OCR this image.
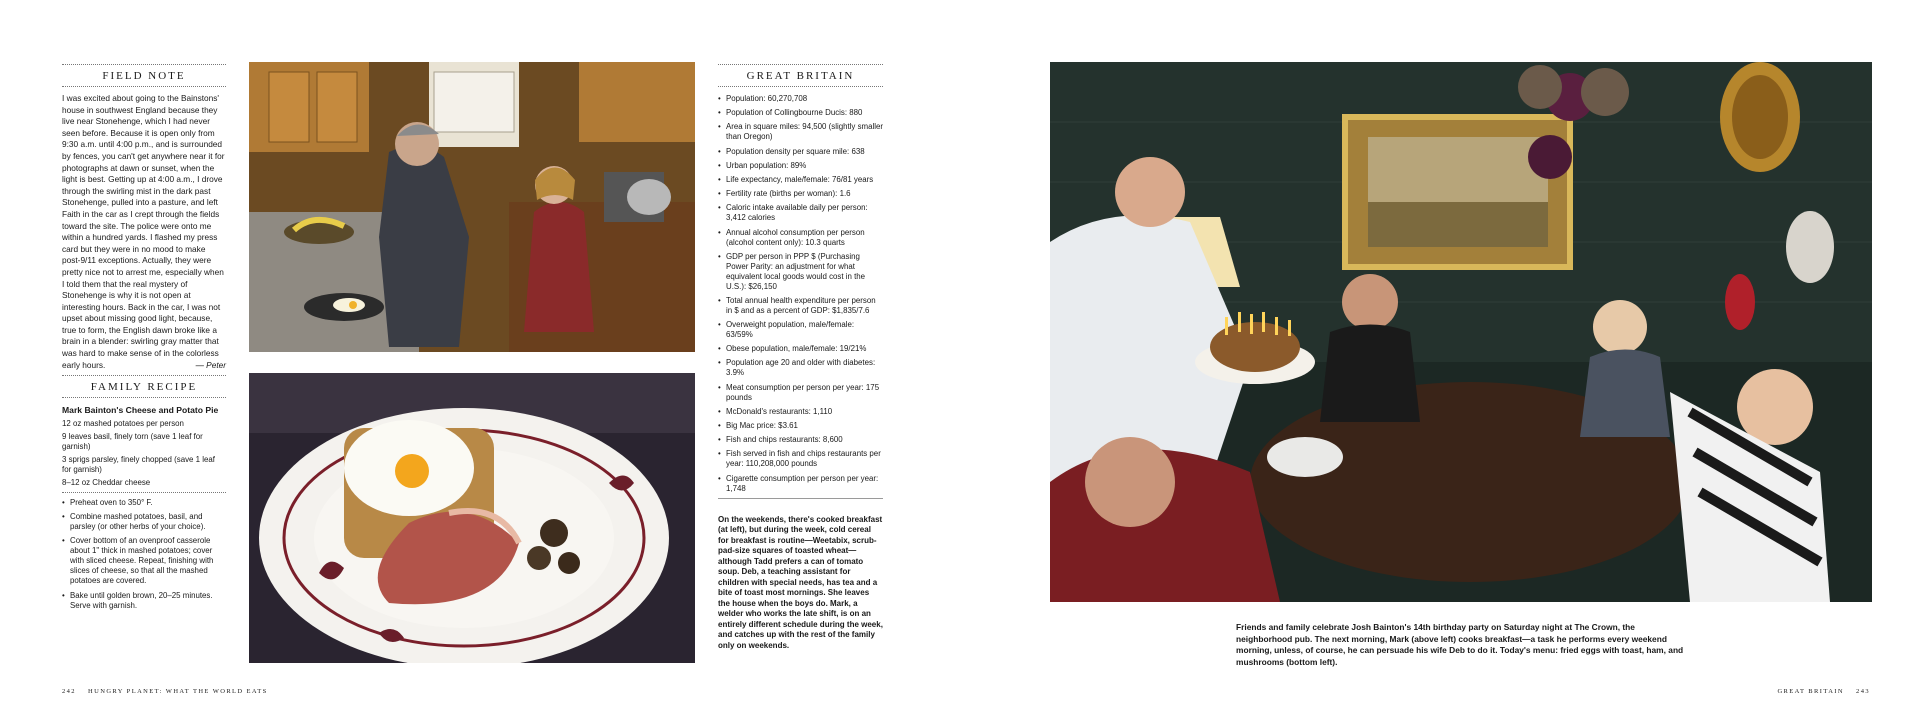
FIELD NOTE
I was excited about going to the Bainstons' house in southwest England because they live near Stonehenge, which I had never seen before. Because it is open only from 9:30 a.m. until 4:00 p.m., and is surrounded by fences, you can't get anywhere near it for photographs at dawn or sunset, when the light is best. Getting up at 4:00 a.m., I drove through the swirling mist in the dark past Stonehenge, pulled into a pasture, and left Faith in the car as I crept through the fields toward the site. The police were onto me within a hundred yards. I flashed my press card but they were in no mood to make post-9/11 exceptions. Actually, they were pretty nice not to arrest me, especially when I told them that the real mystery of Stonehenge is why it is not open at interesting hours. Back in the car, I was not upset about missing good light, because, true to form, the English dawn broke like a brain in a blender: swirling gray matter that was hard to make sense of in the colorless early hours.	— Peter
FAMILY RECIPE
Mark Bainton's Cheese and Potato Pie
12 oz mashed potatoes per person
9 leaves basil, finely torn (save 1 leaf for garnish)
3 sprigs parsley, finely chopped (save 1 leaf for garnish)
8–12 oz Cheddar cheese
• Preheat oven to 350° F.
• Combine mashed potatoes, basil, and parsley (or other herbs of your choice).
• Cover bottom of an ovenproof casserole about 1" thick in mashed potatoes; cover with sliced cheese. Repeat, finishing with slices of cheese, so that all the mashed potatoes are covered.
• Bake until golden brown, 20–25 minutes. Serve with garnish.
GREAT BRITAIN
• Population: 60,270,708
• Population of Collingbourne Ducis: 880
• Area in square miles: 94,500 (slightly smaller than Oregon)
• Population density per square mile: 638
• Urban population: 89%
• Life expectancy, male/female: 76/81 years
• Fertility rate (births per woman): 1.6
• Caloric intake available daily per person: 3,412 calories
• Annual alcohol consumption per person (alcohol content only): 10.3 quarts
• GDP per person in PPP $ (Purchasing Power Parity: an adjustment for what equivalent local goods would cost in the U.S.): $26,150
• Total annual health expenditure per person in $ and as a percent of GDP: $1,835/7.6
• Overweight population, male/female: 63/59%
• Obese population, male/female: 19/21%
• Population age 20 and older with diabetes: 3.9%
• Meat consumption per person per year: 175 pounds
• McDonald's restaurants: 1,110
• Big Mac price: $3.61
• Fish and chips restaurants: 8,600
• Fish served in fish and chips restaurants per year: 110,208,000 pounds
• Cigarette consumption per person per year: 1,748
On the weekends, there's cooked breakfast (at left), but during the week, cold cereal for breakfast is routine—Weetabix, scrub-pad-size squares of toasted wheat—although Tadd prefers a can of tomato soup. Deb, a teaching assistant for children with special needs, has tea and a bite of toast most mornings. She leaves the house when the boys do. Mark, a welder who works the late shift, is on an entirely different schedule during the week, and catches up with the rest of the family only on weekends.
Friends and family celebrate Josh Bainton's 14th birthday party on Saturday night at The Crown, the neighborhood pub. The next morning, Mark (above left) cooks breakfast—a task he performs every weekend morning, unless, of course, he can persuade his wife Deb to do it. Today's menu: fried eggs with toast, ham, and mushrooms (bottom left).
242    HUNGRY PLANET: WHAT THE WORLD EATS	GREAT BRITAIN    243
